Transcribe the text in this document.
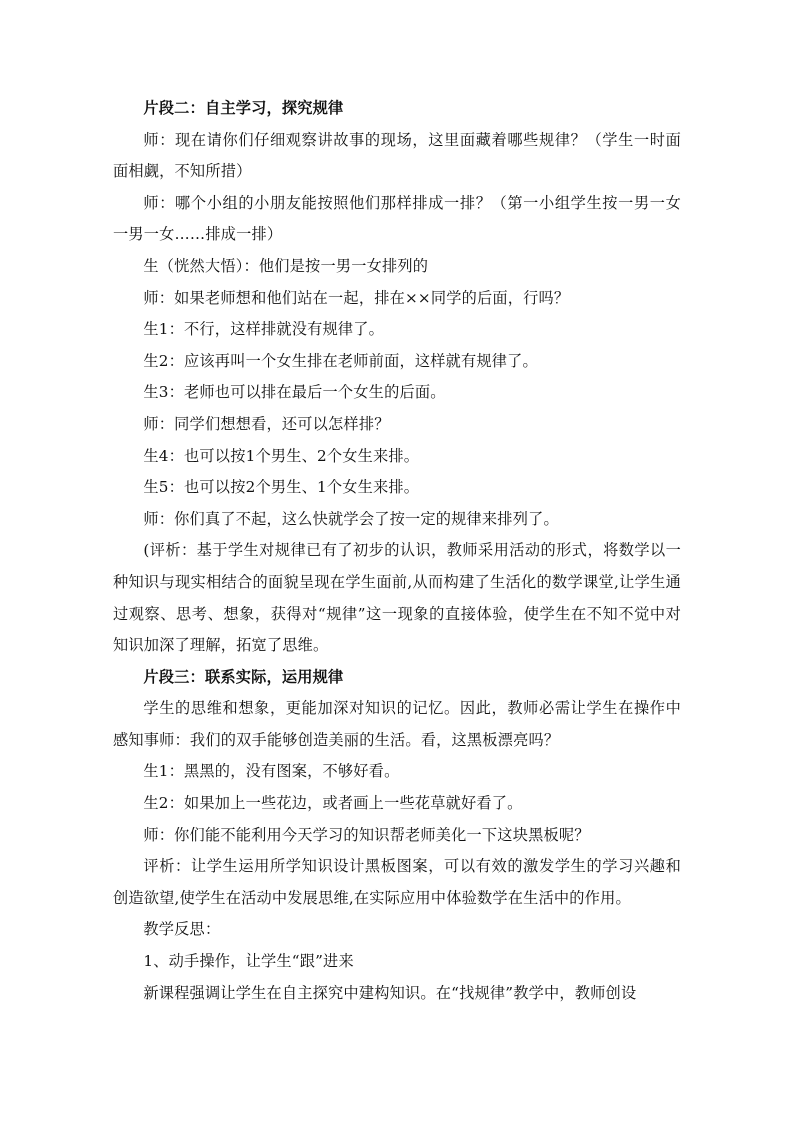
片段二：自主学习，探究规律

师：现在请你们仔细观察讲故事的现场，这里面藏着哪些规律？（学生一时面面相觑，不知所措）

师：哪个小组的小朋友能按照他们那样排成一排？（第一小组学生按一男一女一男一女……排成一排）

生（恍然大悟）：他们是按一男一女排列的

师：如果老师想和他们站在一起，排在××同学的后面，行吗？

生1：不行，这样排就没有规律了。

生2：应该再叫一个女生排在老师前面，这样就有规律了。

生3：老师也可以排在最后一个女生的后面。

师：同学们想想看，还可以怎样排？

生4：也可以按1个男生、2个女生来排。

生5：也可以按2个男生、1个女生来排。

师：你们真了不起，这么快就学会了按一定的规律来排列了。

(评析：基于学生对规律已有了初步的认识，教师采用活动的形式，将数学以一种知识与现实相结合的面貌呈现在学生面前,从而构建了生活化的数学课堂,让学生通过观察、思考、想象，获得对“规律”这一现象的直接体验，使学生在不知不觉中对知识加深了理解，拓宽了思维。

片段三：联系实际，运用规律

学生的思维和想象，更能加深对知识的记忆。因此，教师必需让学生在操作中感知事师：我们的双手能够创造美丽的生活。看，这黑板漂亮吗？

生1：黑黑的，没有图案，不够好看。

生2：如果加上一些花边，或者画上一些花草就好看了。

师：你们能不能利用今天学习的知识帮老师美化一下这块黑板呢？

评析：让学生运用所学知识设计黑板图案，可以有效的激发学生的学习兴趣和创造欲望,使学生在活动中发展思维,在实际应用中体验数学在生活中的作用。

教学反思：

1、动手操作，让学生“跟”进来

新课程强调让学生在自主探究中建构知识。在“找规律”教学中，教师创设
